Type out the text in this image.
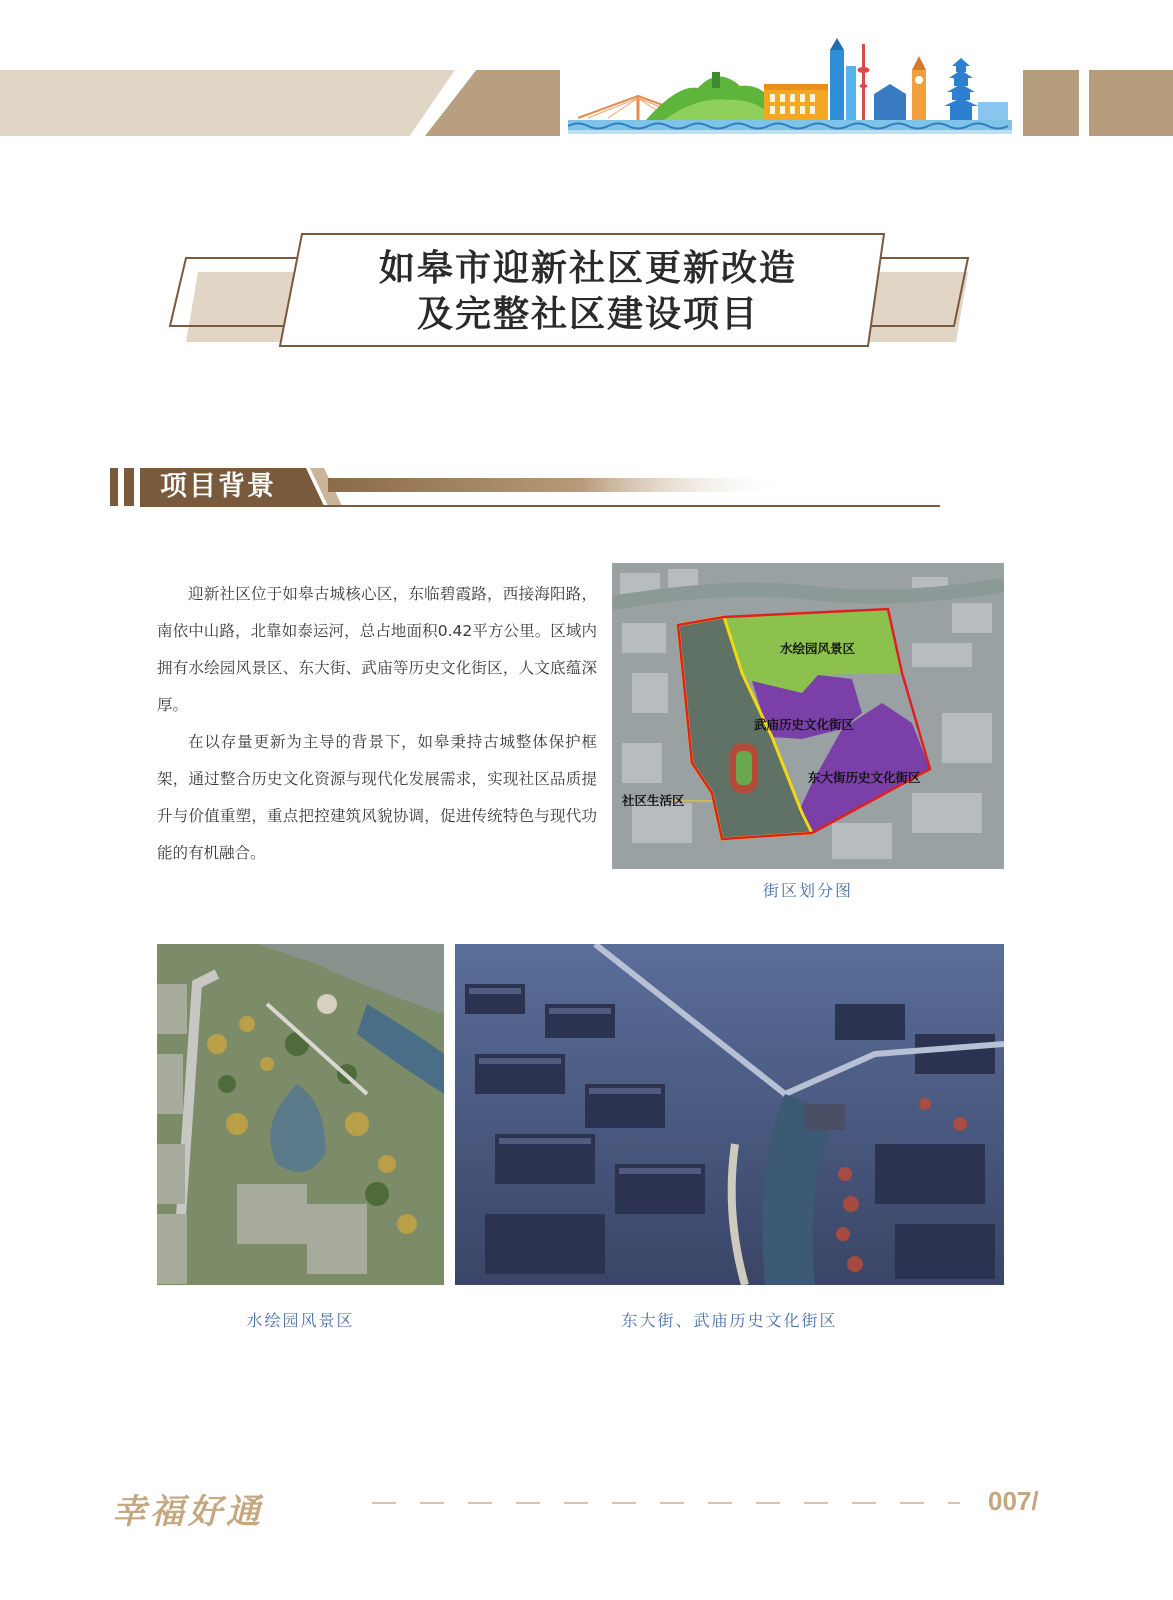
如皋市迎新社区更新改造
及完整社区建设项目
项目背景

迎新社区位于如皋古城核心区，东临碧霞路，西接海阳路，南依中山路，北靠如泰运河，总占地面积0.42平方公里。区域内拥有水绘园风景区、东大街、武庙等历史文化街区，人文底蕴深厚。

在以存量更新为主导的背景下，如皋秉持古城整体保护框架，通过整合历史文化资源与现代化发展需求，实现社区品质提升与价值重塑，重点把控建筑风貌协调，促进传统特色与现代功能的有机融合。

水绘园风景区
武庙历史文化街区
东大街历史文化街区
社区生活区
街区划分图
水绘园风景区	东大街、武庙历史文化街区
幸福好通	007/
